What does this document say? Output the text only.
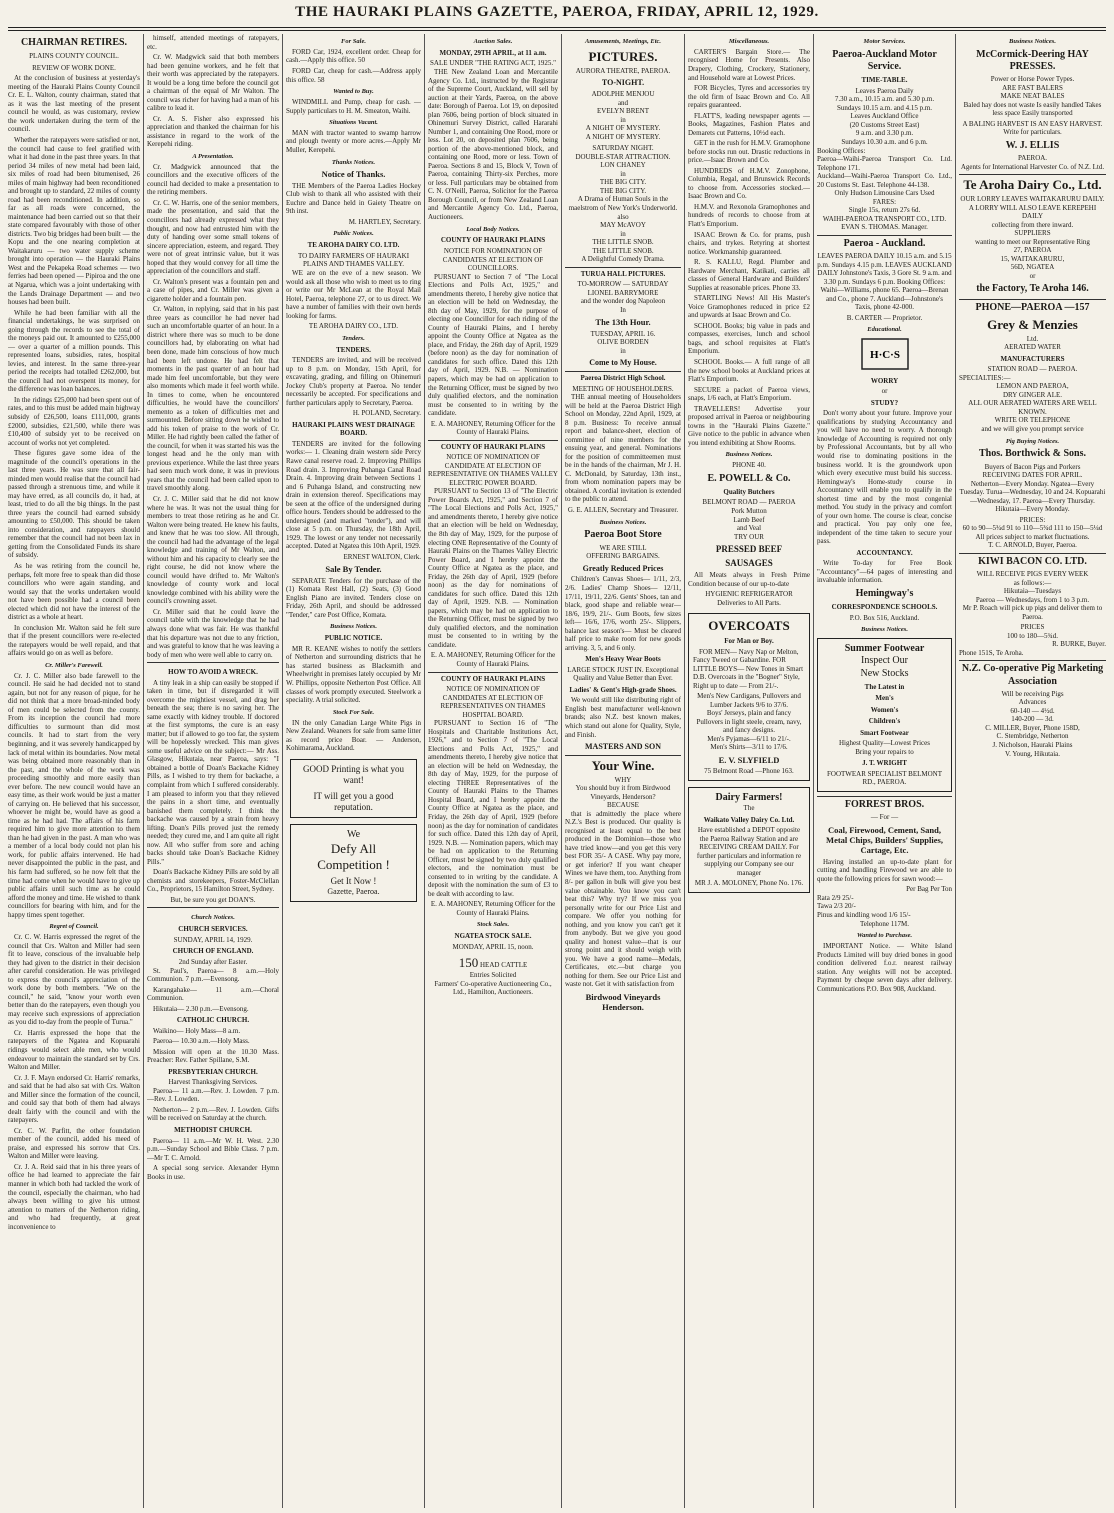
THE HAURAKI PLAINS GAZETTE, PAEROA, FRIDAY, APRIL 12, 1929.
CHAIRMAN RETIRES.
PLAINS COUNTY COUNCIL.
REVIEW OF WORK DONE.

At the conclusion of business at yesterday's meeting of the Hauraki Plains County Council Cr. E. L. Walton, county chairman, stated that as it was the last meeting of the present council he would, as was customary, review the work undertaken during the term of the council.

Whether the ratepayers were satisfied or not, the council had cause to feel gratified with what it had done in the past three years. In that period 34 miles of new metal had been laid, six miles of road had been bitumenised, 26 miles of main highway had been reconditioned and brought up to standard, 22 miles of county road had been reconditioned. In addition, so far as all roads were concerned, the maintenance had been carried out so that their state compared favourably with those of other districts. Two big bridges had been built — the Kopu and the one nearing completion at Waitakaruru — two water supply scheme brought into operation — the Hauraki Plains West and the Pekapeka Road schemes — two ferries had been opened — Pipiroa and the one at Ngarua, which was a joint undertaking with the Lands Drainage Department — and two houses had been built.

While he had been familiar with all the financial undertakings, he was surprised on going through the records to see the total of the moneys paid out. It amounted to £255,000 — over a quarter of a million pounds. This represented loans, subsidies, rates, hospital levies, and interest. In the same three-year period the receipts had totalled £262,000, but the council had not overspent its money, for the difference was loan balances.

In the ridings £25,000 had been spent out of rates, and to this must be added main highway subsidy of £26,500, loans £111,000, grants £2000, subsidies, £21,500, while there was £10,400 of subsidy yet to be received on account of works not yet completed.

These figures gave some idea of the magnitude of the council's operations in the last three years. He was sure that all fair-minded men would realise that the council had passed through a strenuous time, and while it may have erred, as all councils do, it had, at least, tried to do all the big things. In the past three years the council had earned subsidy amounting to £50,000. This should be taken into consideration, and ratepayers should remember that the council had not been lax in getting from the Consolidated Funds its share of subsidy.

As he was retiring from the council he, perhaps, felt more free to speak than did those councillors who were again standing, and would say that the works undertaken would not have been possible had a council been elected which did not have the interest of the district as a whole at heart.

In conclusion Mr. Walton said he felt sure that if the present councillors were re-elected the ratepayers would be well repaid, and that affairs would go on as well as before.

Cr. Miller's Farewell.

Cr. J. C. Miller also bade farewell to the council. He said he had decided not to stand again, but not for any reason of pique, for he did not think that a more broad-minded body of men could be selected from the county. From its inception the council had more difficulties to surmount than did most councils. It had to start from the very beginning, and it was severely handicapped by lack of metal within its boundaries. Now metal was being obtained more reasonably than in the past, and the whole of the work was proceeding smoothly and more easily than ever before. The new council would have an easy time, as their work would be just a matter of carrying on. He believed that his successor, whoever he might be, would have as good a time as he had had. The affairs of his farm required him to give more attention to them than he had given in the past. A man who was a member of a local body could not plan his work, for public affairs intervened. He had never disappointed the public in the past, and his farm had suffered, so he now felt that the time had come when he would have to give up public affairs until such time as he could afford the money and time. He wished to thank councillors for bearing with him, and for the happy times spent together.

Regret of Council.

Cr. C. W. Harris expressed the regret of the council that Crs. Walton and Miller had seen fit to leave, conscious of the invaluable help they had given to the district in their decision after careful consideration. He was privileged to express the council's appreciation of the work done by both members. "We on the council," he said, "know your worth even better than do the ratepayers, even though you may receive such expressions of appreciation as you did to-day from the people of Turua."

Cr. Harris expressed the hope that the ratepayers of the Ngatea and Kopuarahi ridings would select able men, who would endeavour to maintain the standard set by Crs. Walton and Miller.

Cr. J. F. Mayn endorsed Cr. Harris' remarks, and said that he had also sat with Crs. Walton and Miller since the formation of the council, and could say that both of them had always dealt fairly with the council and with the ratepayers.

Cr. C. W. Parfitt, the other foundation member of the council, added his meed of praise, and expressed his sorrow that Crs. Walton and Miller were leaving.

Cr. J. A. Reid said that in his three years of office he had learned to appreciate the fair manner in which both had tackled the work of the council, especially the chairman, who had always been willing to give his utmost attention to matters of the Netherton riding, and who had frequently, at great inconvenience to

himself, attended meetings of ratepayers, etc.

Cr. W. Madgwick said that both members had been genuine workers, and he felt that their worth was appreciated by the ratepayers. It would be a long time before the council got a chairman of the equal of Mr Walton. The council was richer for having had a man of his calibre to lead it.

Cr. A. S. Fisher also expressed his appreciation and thanked the chairman for his assistance in regard to the work of the Kerepehi riding.

A Presentation.

Cr. Madgwick announced that the councillors and the executive officers of the council had decided to make a presentation to the retiring members.

Cr. C. W. Harris, one of the senior members, made the presentation, and said that the councillors had already expressed what they thought, and now had entrusted him with the duty of handing over some small tokens of sincere appreciation, esteem, and regard. They were not of great intrinsic value, but it was hoped that they would convey for all time the appreciation of the councillors and staff.

Cr. Walton's present was a fountain pen and a case of pipes, and Cr. Miller was given a cigarette holder and a fountain pen.

Cr. Walton, in replying, said that in his past three years as councillor he had never had such an uncomfortable quarter of an hour. In a district where there was so much to be done councillors had, by elaborating on what had been done, made him conscious of how much had been left undone. He had felt that moments in the past quarter of an hour had made him feel uncomfortable, but they were also moments which made it feel worth while. In times to come, when he encountered difficulties, he would have the councillors' memento as a token of difficulties met and surmounted. Before sitting down he wished to add his token of praise to the work of Cr. Miller. He had rightly been called the father of the council, for when it was started his was the longest head and he the only man with previous experience. While the last three years had seen much work done, it was in previous years that the council had been called upon to travel smoothly along.

Cr. J. C. Miller said that he did not know where he was. It was not the usual thing for members to treat those retiring as he and Cr. Walton were being treated. He knew his faults, and knew that he was too slow. All through, the council had had the advantage of the legal knowledge and training of Mr Walton, and without him and his capacity to clearly see the right course, he did not know where the council would have drifted to. Mr Walton's knowledge of county work and local knowledge combined with his ability were the council's crowning asset.

Cr. Miller said that he could leave the council table with the knowledge that he had always done what was fair. He was thankful that his departure was not due to any friction, and was grateful to know that he was leaving a body of men who were well able to carry on.

HOW TO AVOID A WRECK.

A tiny leak in a ship can easily be stopped if taken in time, but if disregarded it will overcome the mightiest vessel, and drag her beneath the sea; there is no saving her. The same exactly with kidney trouble. If doctored at the first symptoms, the cure is an easy matter; but if allowed to go too far, the system will be hopelessly wrecked. This man gives some useful advice on the subject:— Mr Ass. Glasgow, Hikutaia, near Paeroa, says: "I obtained a bottle of Doan's Backache Kidney Pills, as I wished to try them for backache, a complaint from which I suffered considerably. I am pleased to inform you that they relieved the pains in a short time, and eventually banished them completely. I think the backache was caused by a strain from heavy lifting. Doan's Pills proved just the remedy needed; they cured me, and I am quite all right now. All who suffer from sore and aching backs should take Doan's Backache Kidney Pills."

Doan's Backache Kidney Pills are sold by all chemists and storekeepers, Foster-McClellan Co., Proprietors, 15 Hamilton Street, Sydney.

But, be sure you get DOAN'S.

Church Notices.
CHURCH SERVICES.
SUNDAY, APRIL 14, 1929.
CHURCH OF ENGLAND.
2nd Sunday after Easter.

St. Paul's, Paeroa— 8 a.m.—Holy Communion. 7 p.m.—Evensong.

Karangahake— 11 a.m.—Choral Communion.

Hikutaia— 2.30 p.m.—Evensong.

CATHOLIC CHURCH.

Waikino— Holy Mass—8 a.m.

Paeroa— 10.30 a.m.—Holy Mass.

Mission will open at the 10.30 Mass. Preacher: Rev. Father Spillane, S.M.

PRESBYTERIAN CHURCH.
Harvest Thanksgiving Services.

Paeroa— 11 a.m.—Rev. J. Lowden. 7 p.m.—Rev. J. Lowden.

Netherton— 2 p.m.—Rev. J. Lowden. Gifts will be received on Saturday at the church.

METHODIST CHURCH.

Paeroa— 11 a.m.—Mr W. H. West. 2.30 p.m.—Sunday School and Bible Class. 7 p.m.—Mr T. C. Arnold.

A special song service. Alexander Hymn Books in use.

For Sale.

FORD Car, 1924, excellent order. Cheap for cash.—Apply this office. 50

FORD Car, cheap for cash.—Address apply this office. 58

Wanted to Buy.

WINDMILL and Pump, cheap for cash. — Supply particulars to H. M. Smeaton, Waihi.

Situations Vacant.

MAN with tractor wanted to swamp harrow and plough twenty or more acres.—Apply Mr Muller, Kerepehi.

Thanks Notices.
Notice of Thanks.

THE Members of the Paeroa Ladies Hockey Club wish to thank all who assisted with their Euchre and Dance held in Gaiety Theatre on 9th inst.

M. HARTLEY, Secretary.
Public Notices.
TE AROHA DAIRY CO. LTD.
TO DAIRY FARMERS OF HAURAKI PLAINS AND THAMES VALLEY.

WE are on the eve of a new season. We would ask all those who wish to meet us to ring or write our Mr McLean at the Royal Mail Hotel, Paeroa, telephone 27, or to us direct. We have a number of families with their own herds looking for farms.

TE AROHA DAIRY CO., LTD.
Tenders.
TENDERS.

TENDERS are invited, and will be received up to 8 p.m. on Monday, 15th April, for excavating, grading, and filling on Ohinemuri Jockey Club's property at Paeroa. No tender necessarily be accepted. For specifications and further particulars apply to Secretary, Paeroa.

H. POLAND, Secretary.
HAURAKI PLAINS WEST DRAINAGE BOARD.

TENDERS are invited for the following works:— 1. Cleaning drain western side Percy Rawe canal reserve road. 2. Improving Phillips Road drain. 3. Improving Puhanga Canal Road Drain. 4. Improving drain between Sections 1 and 6 Puhanga Island, and constructing new drain in extension thereof. Specifications may be seen at the office of the undersigned during office hours. Tenders should be addressed to the undersigned (and marked "tender"), and will close at 5 p.m. on Thursday, the 18th April, 1929. The lowest or any tender not necessarily accepted. Dated at Ngatea this 10th April, 1929.

ERNEST WALTON, Clerk.
Sale By Tender.

SEPARATE Tenders for the purchase of the (1) Komata Rest Hall, (2) Seats, (3) Good English Piano are invited. Tenders close on Friday, 26th April, and should be addressed "Tender," care Post Office, Komata.

Business Notices.
PUBLIC NOTICE.

MR R. KEANE wishes to notify the settlers of Netherton and surrounding districts that he has started business as Blacksmith and Wheelwright in premises lately occupied by Mr W. Phillips, opposite Netherton Post Office. All classes of work promptly executed. Steelwork a speciality. A trial solicited.

Stock For Sale.

IN the only Canadian Large White Pigs in New Zealand. Weaners for sale from same litter as record price Boar. — Anderson, Kohimarama, Auckland.

GOOD Printing is what you want!
IT will get you a good reputation.
We
Defy All
Competition !
Get It Now !
Gazette, Paeroa.
Auction Sales.
MONDAY, 29TH APRIL, at 11 a.m.
SALE UNDER "THE RATING ACT, 1925."

THE New Zealand Loan and Mercantile Agency Co. Ltd., instructed by the Registrar of the Supreme Court, Auckland, will sell by auction at their Yards, Paeroa, on the above date: Borough of Paeroa. Lot 19, on deposited plan 7606, being portion of block situated in Ohinemuri Survey District, called Hararahi Number 1, and containing One Rood, more or less. Lot 20, on deposited plan 7606, being portion of the above-mentioned block, and containing one Rood, more or less. Town of Paeroa. Sections 8 and 15, Block V, Town of Paeroa, containing Thirty-six Perches, more or less. Full particulars may be obtained from C. N. O'Neill, Paeroa, Solicitor for the Paeroa Borough Council, or from New Zealand Loan and Mercantile Agency Co. Ltd., Paeroa, Auctioneers.

Local Body Notices.
COUNTY OF HAURAKI PLAINS
NOTICE FOR NOMINATION OF CANDIDATES AT ELECTION OF COUNCILLORS.

PURSUANT to Section 7 of "The Local Elections and Polls Act, 1925," and amendments thereto, I hereby give notice that an election will be held on Wednesday, the 8th day of May, 1929, for the purpose of electing one Councillor for each riding of the County of Hauraki Plains, and I hereby appoint the County Office at Ngatea as the place, and Friday, the 26th day of April, 1929 (before noon) as the day for nomination of candidates for such office. Dated this 12th day of April, 1929. N.B. — Nomination papers, which may be had on application to the Returning Officer, must be signed by two duly qualified electors, and the nomination must be consented to in writing by the candidate.

E. A. MAHONEY, Returning Officer for the County of Hauraki Plains.
COUNTY OF HAURAKI PLAINS
NOTICE OF NOMINATION OF CANDIDATE AT ELECTION OF REPRESENTATIVE ON THAMES VALLEY ELECTRIC POWER BOARD.

PURSUANT to Section 13 of "The Electric Power Boards Act, 1925," and Section 7 of "The Local Elections and Polls Act, 1925," and amendments thereto, I hereby give notice that an election will be held on Wednesday, the 8th day of May, 1929, for the purpose of electing ONE Representative of the County of Hauraki Plains on the Thames Valley Electric Power Board, and I hereby appoint the County Office at Ngatea as the place, and Friday, the 26th day of April, 1929 (before noon) as the day for nominations of candidates for such office. Dated this 12th day of April, 1929. N.B. — Nomination papers, which may be had on application to the Returning Officer, must be signed by two duly qualified electors, and the nomination must be consented to in writing by the candidate.

E. A. MAHONEY, Returning Officer for the County of Hauraki Plains.
COUNTY OF HAURAKI PLAINS
NOTICE OF NOMINATION OF CANDIDATES AT ELECTION OF REPRESENTATIVES ON THAMES HOSPITAL BOARD.

PURSUANT to Section 16 of "The Hospitals and Charitable Institutions Act, 1926," and to Section 7 of "The Local Elections and Polls Act, 1925," and amendments thereto, I hereby give notice that an election will be held on Wednesday, the 8th day of May, 1929, for the purpose of electing THREE Representatives of the County of Hauraki Plains to the Thames Hospital Board, and I hereby appoint the County Office at Ngatea as the place, and Friday, the 26th day of April, 1929 (before noon) as the day for nomination of candidates for such office. Dated this 12th day of April, 1929. N.B. — Nomination papers, which may be had on application to the Returning Officer, must be signed by two duly qualified electors, and the nomination must be consented to in writing by the candidate. A deposit with the nomination the sum of £3 to be dealt with according to law.

E. A. MAHONEY, Returning Officer for the County of Hauraki Plains.
Stock Sales.
NGATEA STOCK SALE.
MONDAY, APRIL 15, noon.
150 HEAD CATTLE
Entries Solicited

Farmers' Co-operative Auctioneering Co., Ltd., Hamilton, Auctioneers.

Amusements, Meetings, Etc.
PICTURES.
AURORA THEATRE, PAEROA.
TO-NIGHT.
ADOLPHE MENJOU
and
EVELYN BRENT
in
A NIGHT OF MYSTERY.
A NIGHT OF MYSTERY.
SATURDAY NIGHT.
DOUBLE-STAR ATTRACTION.
LON CHANEY
in
THE BIG CITY.
THE BIG CITY.
A Drama of Human Souls in the maelstrom of New York's Underworld.
also
MAY McAVOY
in
THE LITTLE SNOB.
THE LITTLE SNOB.
A Delightful Comedy Drama.
TURUA HALL PICTURES.
TO-MORROW — SATURDAY
LIONEL BARRYMORE
and the wonder dog Napoleon
In
The 13th Hour.
TUESDAY, APRIL 16.
OLIVE BORDEN
in
Come to My House.
Paeroa District High School.
MEETING OF HOUSEHOLDERS.

THE annual meeting of Householders will be held at the Paeroa District High School on Monday, 22nd April, 1929, at 8 p.m. Business: To receive annual report and balance-sheet, election of committee of nine members for the ensuing year, and general. Nominations for the position of committeemen must be in the hands of the chairman, Mr J. H. C. McDonald, by Saturday, 13th inst., from whom nomination papers may be obtained. A cordial invitation is extended to the public to attend.

G. E. ALLEN, Secretary and Treasurer.
Business Notices.
Paeroa Boot Store
WE ARE STILL
OFFERING BARGAINS.
Greatly Reduced Prices

Children's Canvas Shoes— 1/11, 2/3, 2/6. Ladies' Champ Shoes— 12/11, 17/11, 19/11, 22/6. Gents' Shoes, tan and black, good shape and reliable wear— 18/6, 19/9, 21/-. Gum Boots, few sizes left— 16/6, 17/6, worth 25/-. Slippers, balance last season's— Must be cleared half price to make room for new goods arriving. 3, 5, and 6 only.

Men's Heavy Wear Boots

LARGE STOCK JUST IN. Exceptional Quality and Value Better than Ever.

Ladies' & Gent's High-grade Shoes.

We would still like distributing right of English best manufacturer well-known brands; also N.Z. best known makes, which stand out alone for Quality, Style, and Finish.

MASTERS AND SON
Your Wine.
WHY
You should buy it from Birdwood Vineyards, Henderson?
BECAUSE

that is admittedly the place where N.Z.'s Best is produced. Our quality is recognised at least equal to the best produced in the Dominion—those who have tried know—and you get this very best FOR 35/- A CASE. Why pay more, or get inferior? If you want cheaper Wines we have them, too. Anything from 8/- per gallon in bulk will give you best value obtainable. You know you can't beat this? Why try? If we miss you personally write for our Price List and compare. We offer you nothing for nothing, and you know you can't get it from anybody. But we give you good quality and honest value—that is our strong point and it should weigh with you. We have a good name—Medals, Certificates, etc.—but charge you nothing for them. See our Price List and waste not. Get it with satisfaction from

Birdwood Vineyards Henderson.
Miscellaneous.

CARTER'S Bargain Store.— The recognised Home for Presents. Also Drapery, Clothing, Crockery, Stationery, and Household ware at Lowest Prices.

FOR Bicycles, Tyres and accessories try the old firm of Isaac Brown and Co. All repairs guaranteed.

FLATT'S, leading newspaper agents — Books, Magazines, Fashion Plates and Demarets cut Patterns, 10½d each.

GET in the rush for H.M.V. Gramophone before stocks run out. Drastic reductions in price.—Isaac Brown and Co.

HUNDREDS of H.M.V. Zonophone, Columbia, Regal, and Brunswick Records to choose from. Accessories stocked.—Isaac Brown and Co.

H.M.V. and Rexonola Gramophones and hundreds of records to choose from at Flatt's Emporium.

ISAAC Brown & Co. for prams, push chairs, and trykes. Retyring at shortest notice. Workmanship guaranteed.

R. S. KALLU, Regd. Plumber and Hardware Merchant, Katikati, carries all classes of General Hardware and Builders' Supplies at reasonable prices. Phone 33.

STARTLING News! All His Master's Voice Gramophones reduced in price £2 and upwards at Isaac Brown and Co.

SCHOOL Books; big value in pads and compasses, exercises, lunch and school bags, and school requisites at Flatt's Emporium.

SCHOOL Books.— A full range of all the new school books at Auckland prices at Flatt's Emporium.

SECURE a packet of Paeroa views, snaps, 1/6 each, at Flatt's Emporium.

TRAVELLERS! Advertise your proposed arrival in Paeroa or neighbouring towns in the "Hauraki Plains Gazette." Give notice to the public in advance when you intend exhibiting at Show Rooms.

Business Notices.
PHONE 40.
E. POWELL & Co.
Quality Butchers
BELMONT ROAD — PAEROA
Pork Mutton
Lamb Beef
and Veal
TRY OUR
PRESSED BEEF
SAUSAGES

All Meats always in Fresh Prime Condition because of our up-to-date

HYGIENIC REFRIGERATOR
Deliveries to All Parts.
OVERCOATS
For Man or Boy.

FOR MEN— Navy Nap or Melton, Fancy Tweed or Gabardine. FOR LITTLE BOYS— New Tones in Smart D.B. Overcoats in the "Bogner" Style, Right up to date — From 21/-.

Men's New Cardigans, Pullovers and Lumber Jackets 9/6 to 37/6.
Boys' Jerseys, plain and fancy
Pullovers in light steele, cream, navy, and fancy designs.
Men's Pyjamas—6/11 to 21/-.
Men's Shirts—3/11 to 17/6.
E. V. SLYFIELD
75 Belmont Road —Phone 163.
Dairy Farmers!
The
Waikato Valley Dairy Co. Ltd.

Have established a DEPOT opposite the Paeroa Railway Station and are RECEIVING CREAM DAILY. For further particulars and information re supplying our Company see our manager

MR J. A. MOLONEY, Phone No. 176.
Motor Services.
Paeroa-Auckland Motor Service.
TIME-TABLE.
Leaves Paeroa Daily
7.30 a.m., 10.15 a.m. and 5.30 p.m.
Sundays 10.15 a.m. and 4.15 p.m.
Leaves Auckland Office
(20 Customs Street East)
9 a.m. and 3.30 p.m.
Sundays 10.30 a.m. and 6 p.m.
Booking Offices:
Paeroa—Waihi-Paeroa Transport Co. Ltd. Telephone 171.
Auckland—Waihi-Paeroa Transport Co. Ltd., 20 Customs St. East. Telephone 44-138.
Only Hudson Limousine Cars Used
FARES:
Single 15s, return 27s 6d.
WAIHI-PAEROA TRANSPORT CO., LTD.
EVAN S. THOMAS. Manager.
Paeroa - Auckland.

LEAVES PAEROA DAILY 10.15 a.m. and 5.15 p.m. Sundays 4.15 p.m. LEAVES AUCKLAND DAILY Johnstone's Taxis, 3 Gore St. 9 a.m. and 3.30 p.m. Sundays 6 p.m. Booking Offices: Waihi—Williams, phone 65. Paeroa—Brenan and Co., phone 7. Auckland—Johnstone's Taxis, phone 42-000.

B. CARTER — Proprietor.
Educational.
H·C·S
WORRY
or
STUDY?

Don't worry about your future. Improve your qualifications by studying Accountancy and you will have no need to worry. A thorough knowledge of Accounting is required not only by Professional Accountants, but by all who would rise to dominating positions in the business world. It is the groundwork upon which every executive must build his success. Hemingway's Home-study course in Accountancy will enable you to qualify in the shortest time and by the most congenial method. You study in the privacy and comfort of your own home. The course is clear, concise and practical. You pay only one fee, independent of the time taken to secure your pass.

ACCOUNTANCY.

Write To-day for Free Book "Accountancy"—64 pages of interesting and invaluable information.

Hemingway's
CORRESPONDENCE SCHOOLS.
P.O. Box 516, Auckland.
Business Notices.
Summer Footwear
Inspect Our
New Stocks
The Latest in
Men's
Women's
Children's
Smart Footwear
Highest Quality—Lowest Prices
Bring your repairs to
J. T. WRIGHT
FOOTWEAR SPECIALIST BELMONT RD., PAEROA.
FORREST BROS.
— For —
Coal, Firewood, Cement, Sand, Metal Chips, Builders' Supplies, Cartage, Etc.

Having installed an up-to-date plant for cutting and handling Firewood we are able to quote the following prices for sawn wood:—

Per Bag Per Ton
Rata 2/9 25/-
Tawa 2/3 20/-
Pinus and kindling wood 1/6 15/-
Telephone 117M.
Wanted to Purchase.

IMPORTANT Notice. — White Island Products Limited will buy dried bones in good condition delivered f.o.r. nearest railway station. Any weights will not be accepted. Payment by cheque seven days after delivery. Communications P.O. Box 908, Auckland.

Business Notices.
McCormick-Deering HAY PRESSES.
Power or Horse Power Types.
ARE FAST BALERS
MAKE NEAT BALES

Baled hay does not waste Is easily handled Takes less space Easily transported

A BALING HARVEST IS AN EASY HARVEST.
Write for particulars.
W. J. ELLIS
PAEROA.
Agents for International Harvester Co. of N.Z. Ltd.
Te Aroha Dairy Co., Ltd.
OUR LORRY LEAVES WAITAKARURU DAILY.
A LORRY WILL ALSO LEAVE KEREPEHI DAILY
collecting from there inward.
SUPPLIERS
wanting to meet our Representative Ring
27, PAEROA
15, WAITAKARURU,
56D, NGATEA
or
the Factory, Te Aroha 146.
PHONE—PAEROA —157
Grey & Menzies
Ltd.
AERATED WATER
MANUFACTURERS
STATION ROAD — PAEROA.
SPECIALTIES:—
LEMON AND PAEROA,
DRY GINGER ALE.
ALL OUR AERATED WATERS ARE WELL KNOWN.
WRITE OR TELEPHONE
and we will give you prompt service
Pig Buying Notices.
Thos. Borthwick & Sons.
Buyers of Bacon Pigs and Porkers
RECEIVING DATES FOR APRIL.

Netherton—Every Monday. Ngatea—Every Tuesday. Turua—Wednesday, 10 and 24. Kopuarahi—Wednesday, 17. Paeroa—Every Thursday. Hikutaia—Every Monday.

PRICES:
60 to 90—5¾d 91 to 110—5¾d 111 to 150—5¼d
All prices subject to market fluctuations.
T. C. ARNOLD, Buyer, Paeroa.
KIWI BACON CO. LTD.
WILL RECEIVE PIGS EVERY WEEK
as follows:—
Hikutaia—Tuesdays
Paeroa — Wednesdays, from 1 to 3 p.m.

Mr P. Roach will pick up pigs and deliver them to Paeroa.

PRICES
100 to 180—5¾d.
R. BURKE, Buyer.
Phone 151S, Te Aroha.
N.Z. Co-operative Pig Marketing Association
Will be receiving Pigs
Advances
60-140 — 4½d.
140-200 — 3d.
C. MILLER, Buyer, Phone 158D,
C. Stembridge, Netherton
J. Nicholson, Hauraki Plains
V. Young, Hikutaia.
